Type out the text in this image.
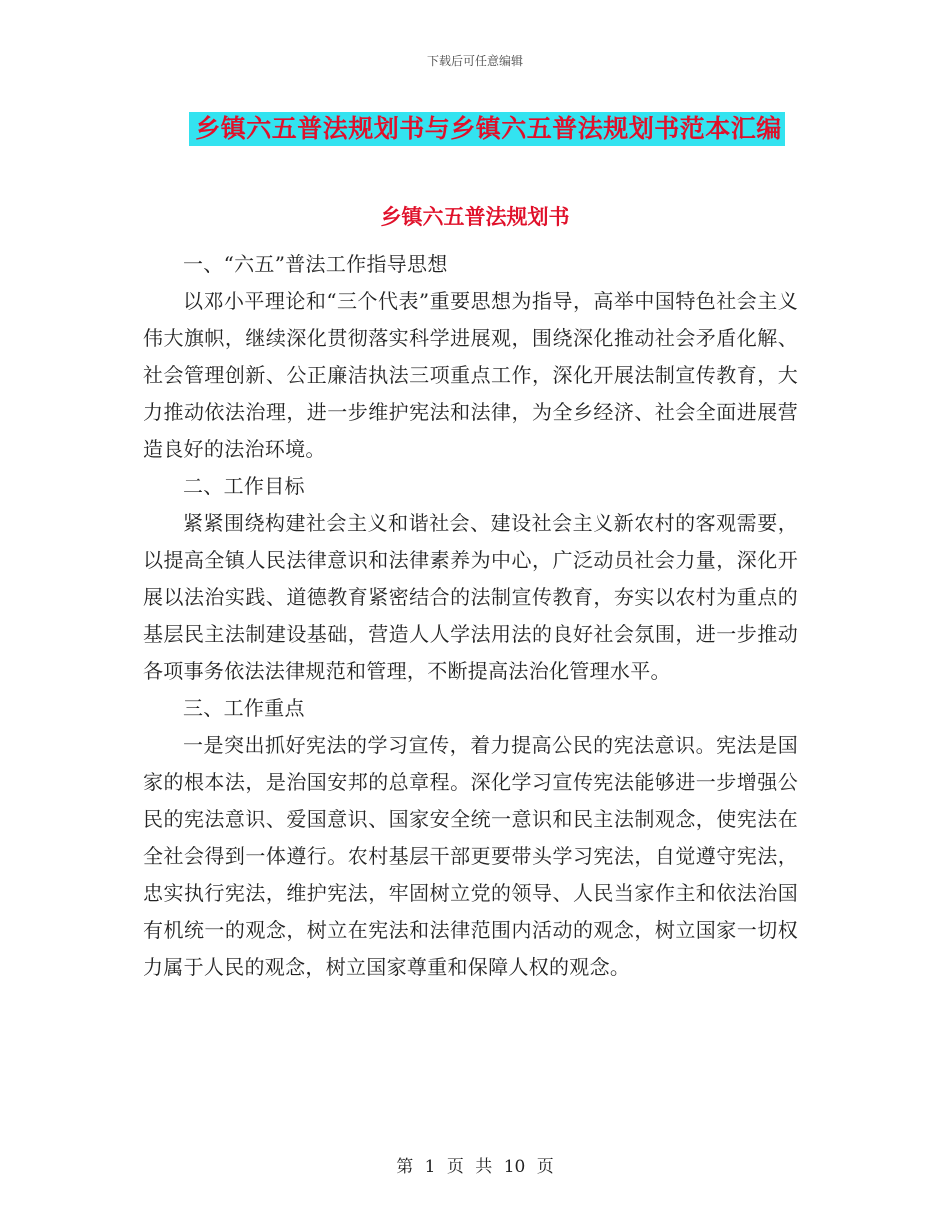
下载后可任意编辑
乡镇六五普法规划书与乡镇六五普法规划书范本汇编
乡镇六五普法规划书

一、“六五”普法工作指导思想

以邓小平理论和“三个代表”重要思想为指导，高举中国特色社会主义伟大旗帜，继续深化贯彻落实科学进展观，围绕深化推动社会矛盾化解、社会管理创新、公正廉洁执法三项重点工作，深化开展法制宣传教育，大力推动依法治理，进一步维护宪法和法律，为全乡经济、社会全面进展营造良好的法治环境。

二、工作目标

紧紧围绕构建社会主义和谐社会、建设社会主义新农村的客观需要，以提高全镇人民法律意识和法律素养为中心，广泛动员社会力量，深化开展以法治实践、道德教育紧密结合的法制宣传教育，夯实以农村为重点的基层民主法制建设基础，营造人人学法用法的良好社会氛围，进一步推动各项事务依法法律规范和管理，不断提高法治化管理水平。

三、工作重点

一是突出抓好宪法的学习宣传，着力提高公民的宪法意识。宪法是国家的根本法，是治国安邦的总章程。深化学习宣传宪法能够进一步增强公民的宪法意识、爱国意识、国家安全统一意识和民主法制观念，使宪法在全社会得到一体遵行。农村基层干部更要带头学习宪法，自觉遵守宪法，忠实执行宪法，维护宪法，牢固树立党的领导、人民当家作主和依法治国有机统一的观念，树立在宪法和法律范围内活动的观念，树立国家一切权力属于人民的观念，树立国家尊重和保障人权的观念。

第 1 页 共 10 页
